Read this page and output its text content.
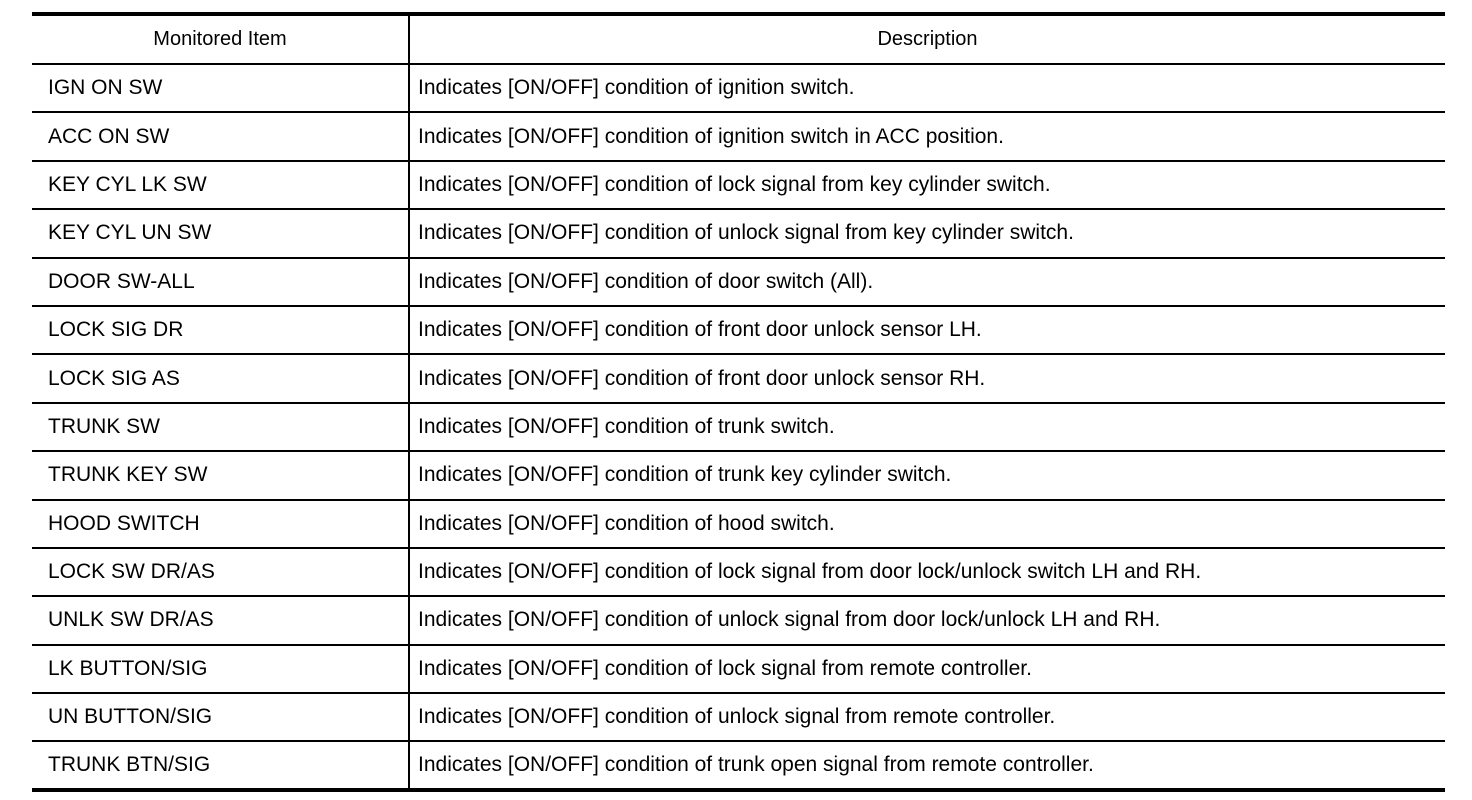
Monitored Item	Description
IGN ON SW	Indicates [ON/OFF] condition of ignition switch.
ACC ON SW	Indicates [ON/OFF] condition of ignition switch in ACC position.
KEY CYL LK SW	Indicates [ON/OFF] condition of lock signal from key cylinder switch.
KEY CYL UN SW	Indicates [ON/OFF] condition of unlock signal from key cylinder switch.
DOOR SW-ALL	Indicates [ON/OFF] condition of door switch (All).
LOCK SIG DR	Indicates [ON/OFF] condition of front door unlock sensor LH.
LOCK SIG AS	Indicates [ON/OFF] condition of front door unlock sensor RH.
TRUNK SW	Indicates [ON/OFF] condition of trunk switch.
TRUNK KEY SW	Indicates [ON/OFF] condition of trunk key cylinder switch.
HOOD SWITCH	Indicates [ON/OFF] condition of hood switch.
LOCK SW DR/AS	Indicates [ON/OFF] condition of lock signal from door lock/unlock switch LH and RH.
UNLK SW DR/AS	Indicates [ON/OFF] condition of unlock signal from door lock/unlock LH and RH.
LK BUTTON/SIG	Indicates [ON/OFF] condition of lock signal from remote controller.
UN BUTTON/SIG	Indicates [ON/OFF] condition of unlock signal from remote controller.
TRUNK BTN/SIG	Indicates [ON/OFF] condition of trunk open signal from remote controller.
